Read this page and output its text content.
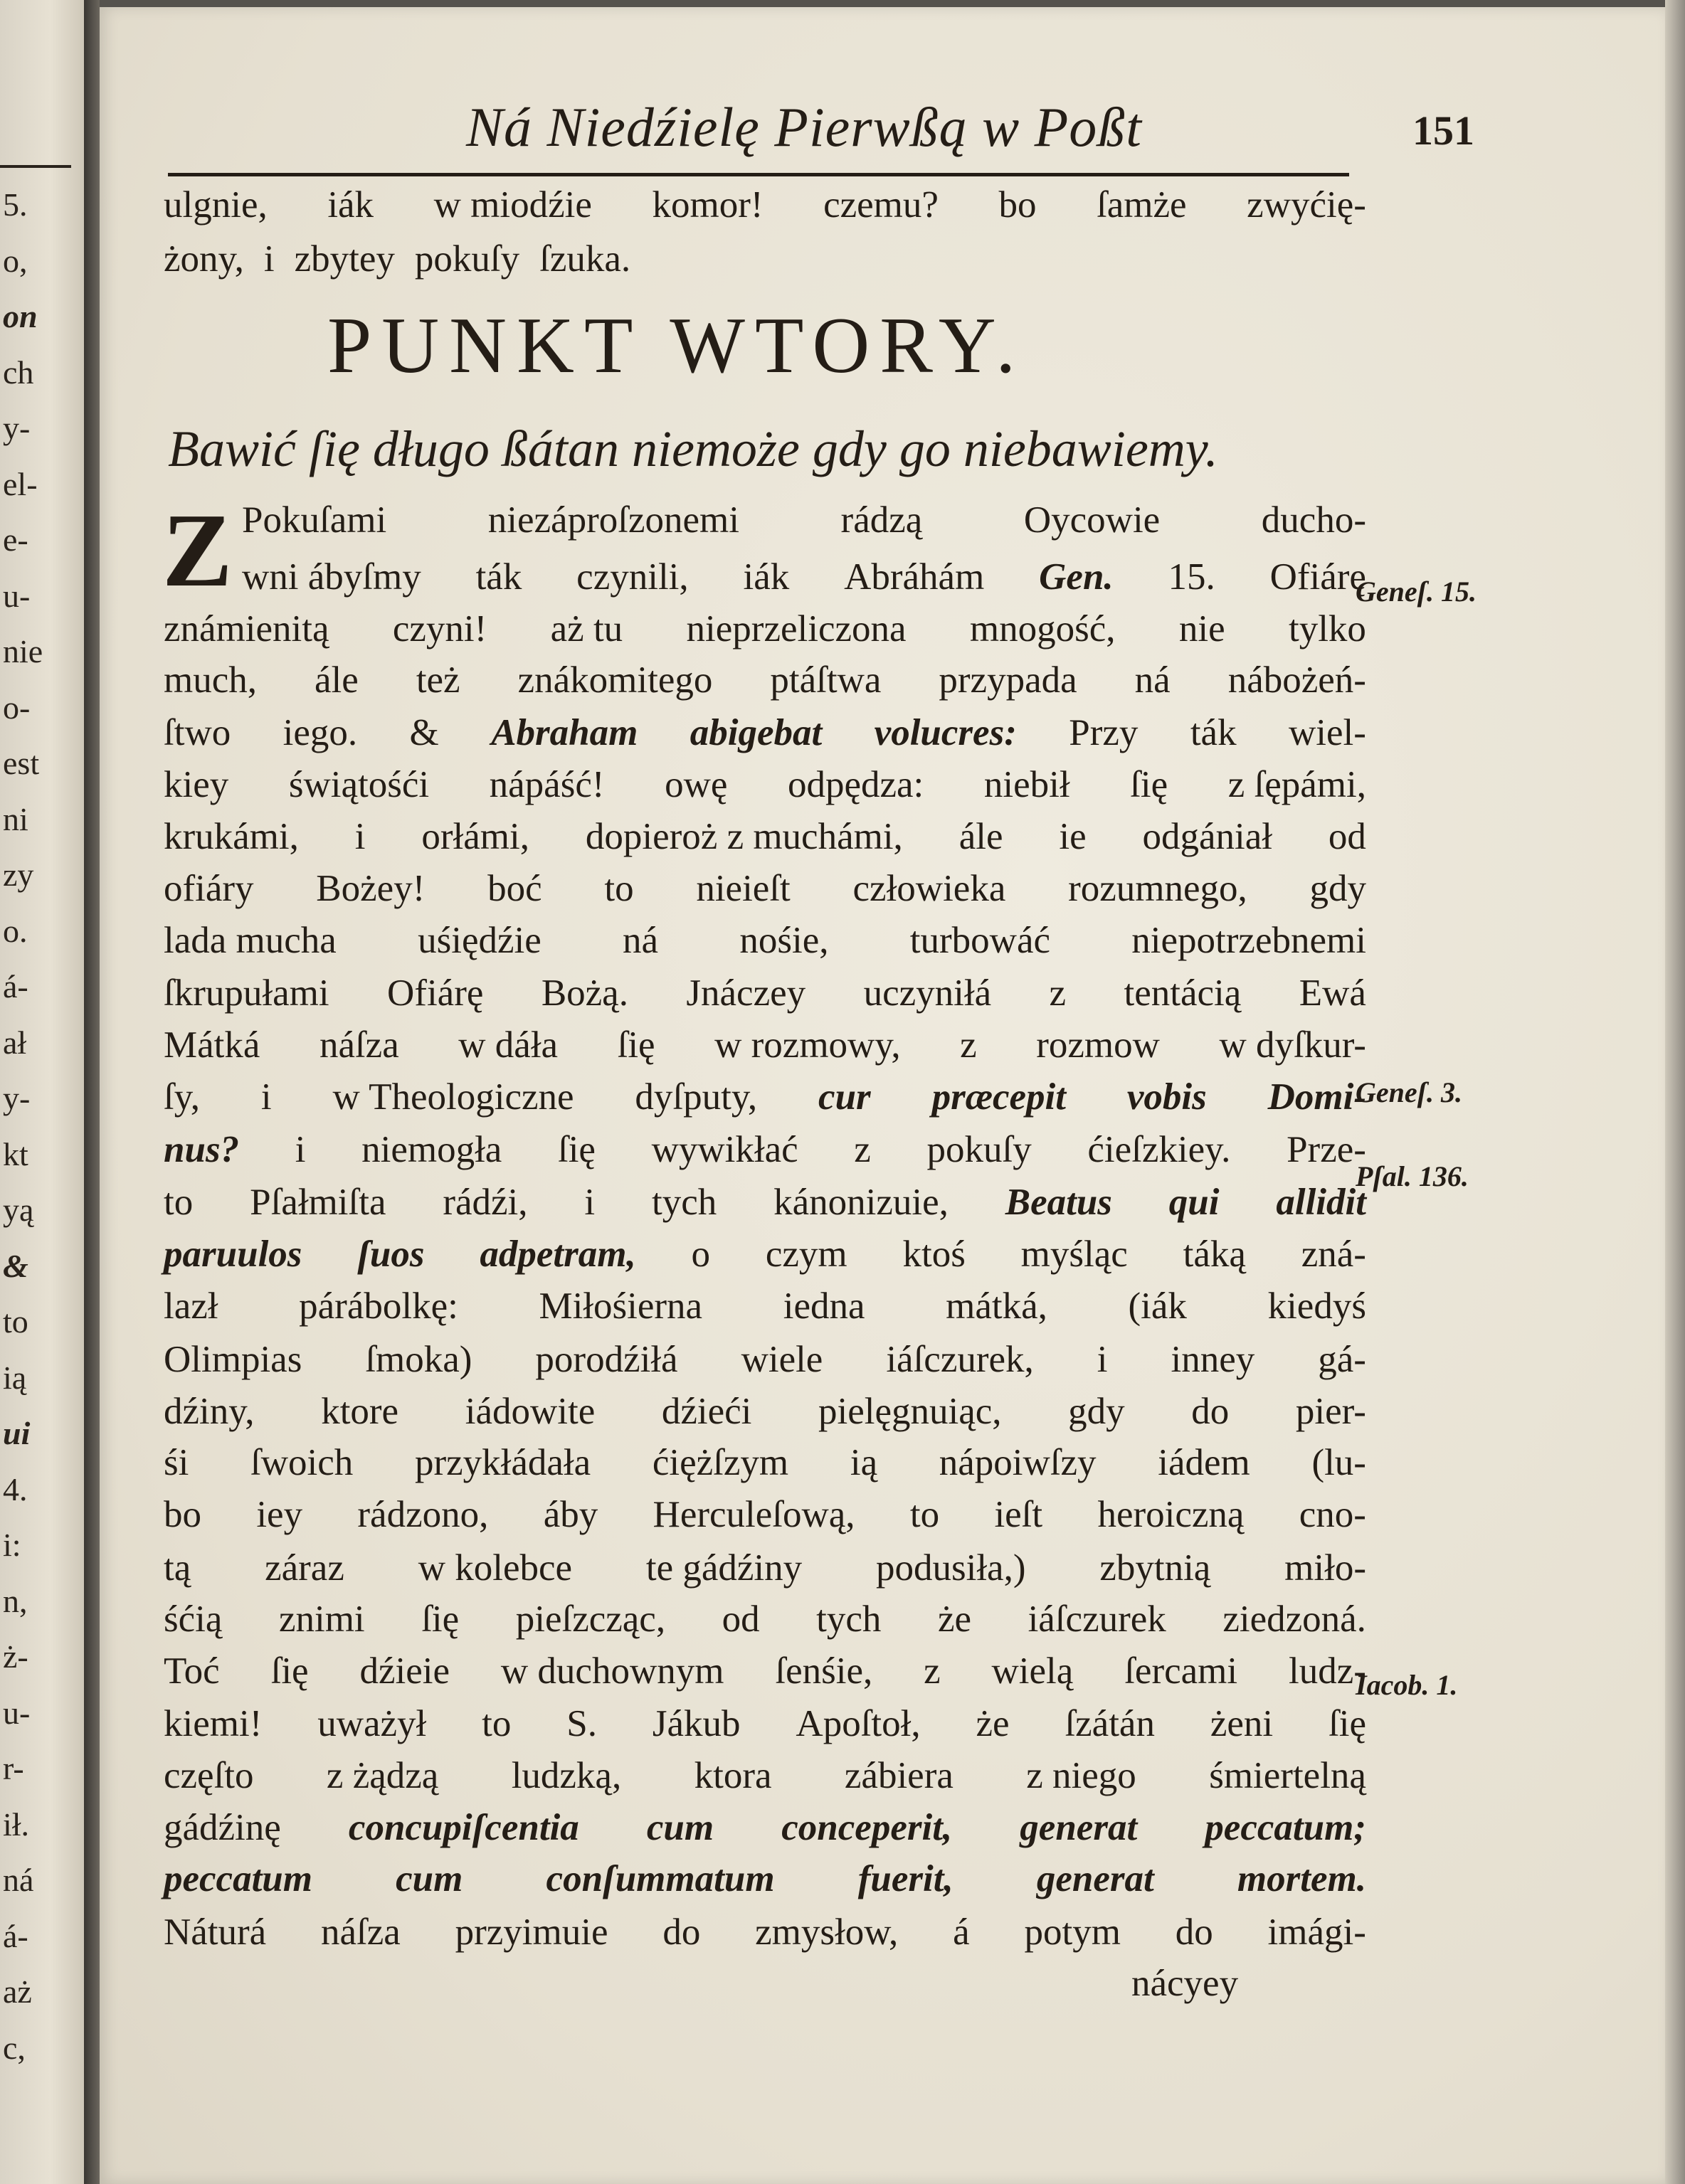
5.
o,
on
ch
y-
el-
e-
u-
nie
o-
est
ni
zy
o.
á-
ał
y-
kt
yą
&
to
ią
ui
4.
i:
n,
ż-
u-
r-
ił.
ná
á-
aż
c,
Ná Niedźielę Pierwßą w Poßt	151
PUNKT WTORY.
Bawić ſię długo ßátan niemoże gdy go niebawiemy.
Z
ulgnie, iák w miodźie komor! czemu? bo ſamże zwyćię-
żony, i zbytey pokuſy ſzuka.
Pokuſami	niezáproſzonemi	rádzą	Oycowie	ducho-
wni ábyſmy ták czynili, iák Abráhám Gen. 15. Ofiárę
známienitą czyni! aż tu nieprzeliczona mnogość, nie tylko
much, ále też znákomitego ptáſtwa przypada ná nábożeń-
ſtwo iego. & Abraham abigebat volucres: Przy ták wiel-
kiey świątośći nápáść! owę odpędza: niebił ſię z ſępámi,
krukámi, i orłámi, dopieroż z muchámi, ále ie odgániał od
ofiáry Bożey! boć to nieieſt człowieka rozumnego, gdy
lada mucha uśiędźie ná nośie, turbowáć niepotrzebnemi
ſkrupułami Ofiárę Bożą. Jnáczey uczyniłá z tentácią Ewá
Mátká náſza w dáła ſię w rozmowy, z rozmow w dyſkur-
ſy, i w Theologiczne dyſputy, cur præcepit vobis Domi-
nus? i niemogła ſię wywikłać z pokuſy ćieſzkiey. Prze-
to Pſałmiſta rádźi, i tych kánonizuie, Beatus qui allidit
paruulos ſuos adpetram, o czym ktoś myśląc táką zná-
lazł párábolkę: Miłośierna iedna mátká, (iák kiedyś
Olimpias ſmoka) porodźiłá wiele iáſczurek, i inney gá-
dźiny, ktore iádowite dźieći pielęgnuiąc, gdy do pier-
śi ſwoich przykłádała ćiężſzym ią nápoiwſzy iádem (lu-
bo iey rádzono, áby Herculeſową, to ieſt heroiczną cno-
tą záraz w kolebce te gádźiny podusiła,) zbytnią miło-
śćią znimi ſię pieſzcząc, od tych że iáſczurek ziedzoná.
Toć ſię dźieie w duchownym ſenśie, z wielą ſercami ludz-
kiemi! uważył to S. Jákub Apoſtoł, że ſzátán żeni ſię
częſto z żądzą ludzką, ktora zábiera z niego śmiertelną
gádźinę concupiſcentia cum conceperit, generat peccatum;
peccatum cum conſummatum fuerit, generat mortem.
Náturá náſza przyimuie do zmysłow, á potym do imági-
Geneſ. 15.
Geneſ. 3.
Pſal. 136.
Iacob. 1.
nácyey
